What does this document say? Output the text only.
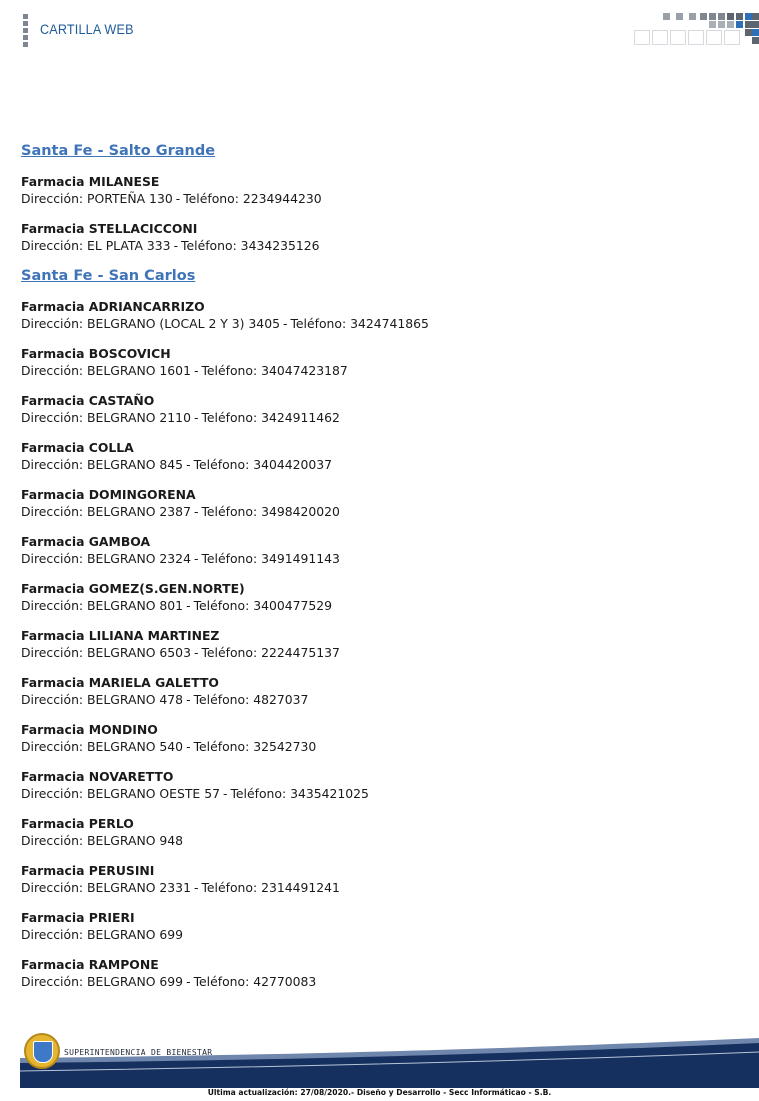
CARTILLA WEB
Santa Fe - Salto Grande
Farmacia MILANESE
Dirección: PORTEÑA 130 - Teléfono: 2234944230
Farmacia STELLACICCONI
Dirección: EL PLATA 333 - Teléfono: 3434235126
Santa Fe - San Carlos
Farmacia ADRIANCARRIZO
Dirección: BELGRANO (LOCAL 2 Y 3) 3405 - Teléfono: 3424741865
Farmacia BOSCOVICH
Dirección: BELGRANO 1601 - Teléfono: 34047423187
Farmacia CASTAÑO
Dirección: BELGRANO 2110 - Teléfono: 3424911462
Farmacia COLLA
Dirección: BELGRANO 845 - Teléfono: 3404420037
Farmacia DOMINGORENA
Dirección: BELGRANO 2387 - Teléfono: 3498420020
Farmacia GAMBOA
Dirección: BELGRANO 2324 - Teléfono: 3491491143
Farmacia GOMEZ(S.GEN.NORTE)
Dirección: BELGRANO 801 - Teléfono: 3400477529
Farmacia LILIANA MARTINEZ
Dirección: BELGRANO 6503 - Teléfono: 2224475137
Farmacia MARIELA GALETTO
Dirección: BELGRANO 478 - Teléfono: 4827037
Farmacia MONDINO
Dirección: BELGRANO 540 - Teléfono: 32542730
Farmacia NOVARETTO
Dirección: BELGRANO OESTE 57 - Teléfono: 3435421025
Farmacia PERLO
Dirección: BELGRANO 948
Farmacia PERUSINI
Dirección: BELGRANO 2331 - Teléfono: 2314491241
Farmacia PRIERI
Dirección: BELGRANO 699
Farmacia RAMPONE
Dirección: BELGRANO 699 - Teléfono: 42770083
SUPERINTENDENCIA DE BIENESTAR
Ultima actualización: 27/08/2020.- Diseño y Desarrollo - Secc Informáticao - S.B.
